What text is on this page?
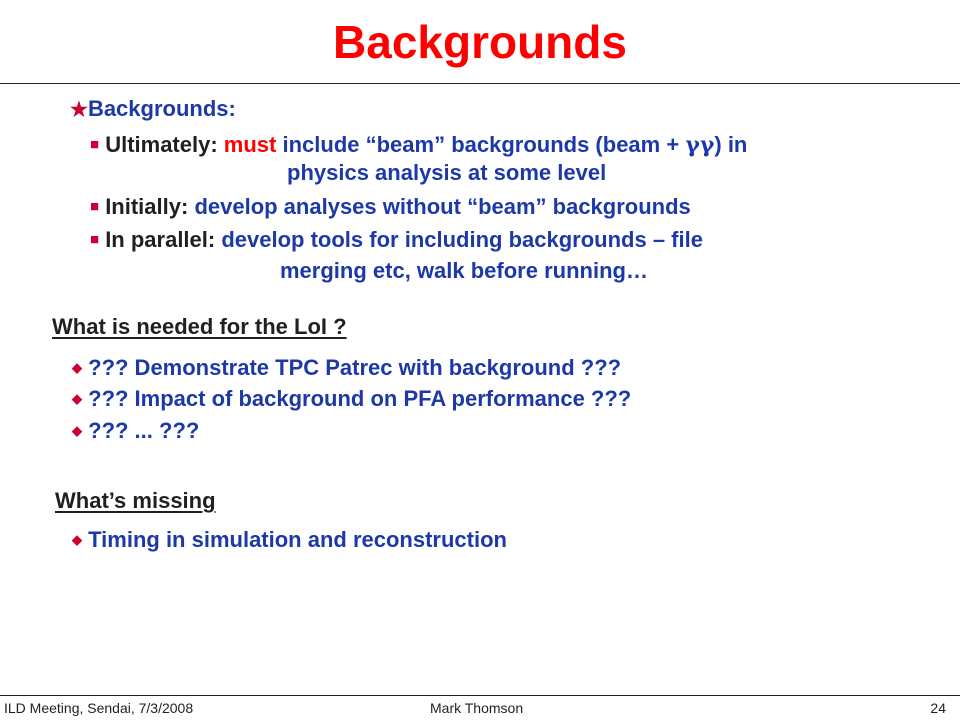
Backgrounds
★Backgrounds:
■ Ultimately: must include “beam” backgrounds (beam + γγ) in
physics analysis at some level
■ Initially: develop analyses without “beam” backgrounds
■ In parallel: develop tools for including backgrounds – file
merging etc, walk before running…
What is needed for the LoI ?
◆ ??? Demonstrate TPC Patrec with background ???
◆ ??? Impact of background on PFA performance ???
◆ ??? ... ???
What’s missing
◆ Timing in simulation and reconstruction
ILD Meeting, Sendai, 7/3/2008	Mark Thomson	24
